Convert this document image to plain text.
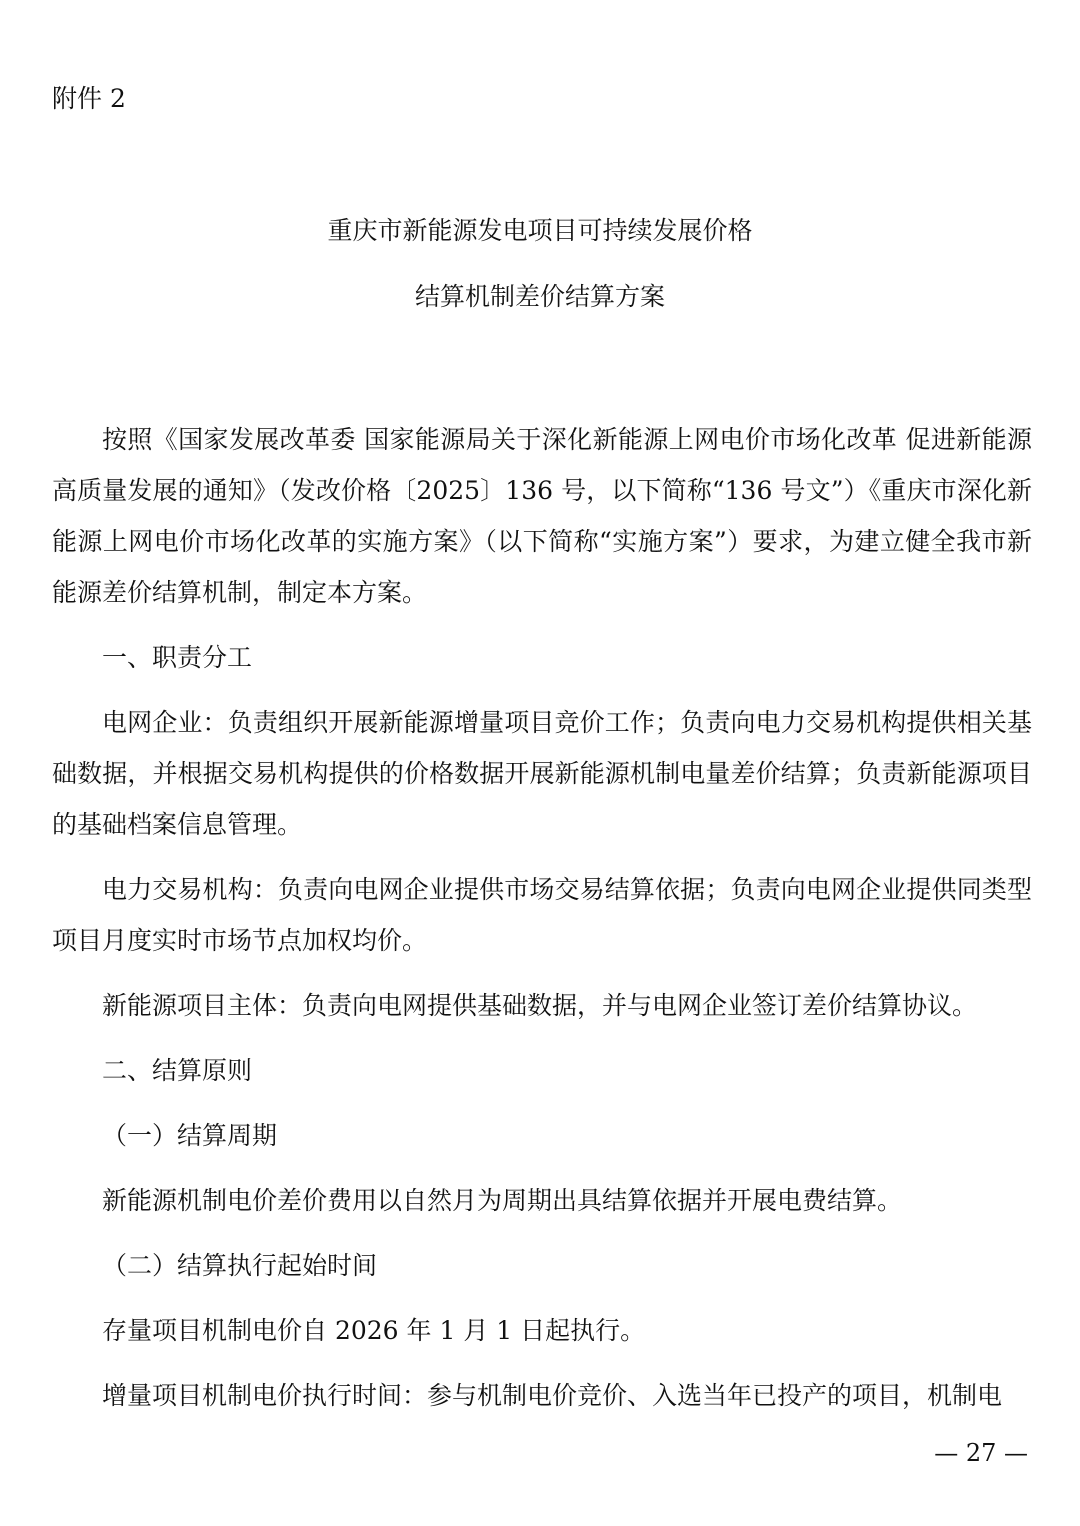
附件 2
重庆市新能源发电项目可持续发展价格
结算机制差价结算方案

按照《国家发展改革委 国家能源局关于深化新能源上网电价市场化改革 促进新能源高质量发展的通知》（发改价格〔2025〕136 号，以下简称“136 号文”）《重庆市深化新能源上网电价市场化改革的实施方案》（以下简称“实施方案”）要求，为建立健全我市新能源差价结算机制，制定本方案。

一、职责分工

电网企业：负责组织开展新能源增量项目竞价工作；负责向电力交易机构提供相关基础数据，并根据交易机构提供的价格数据开展新能源机制电量差价结算；负责新能源项目的基础档案信息管理。

电力交易机构：负责向电网企业提供市场交易结算依据；负责向电网企业提供同类型项目月度实时市场节点加权均价。

新能源项目主体：负责向电网提供基础数据，并与电网企业签订差价结算协议。

二、结算原则

（一）结算周期

新能源机制电价差价费用以自然月为周期出具结算依据并开展电费结算。

（二）结算执行起始时间

存量项目机制电价自 2026 年 1 月 1 日起执行。

增量项目机制电价执行时间：参与机制电价竞价、入选当年已投产的项目，机制电

— 27 —
